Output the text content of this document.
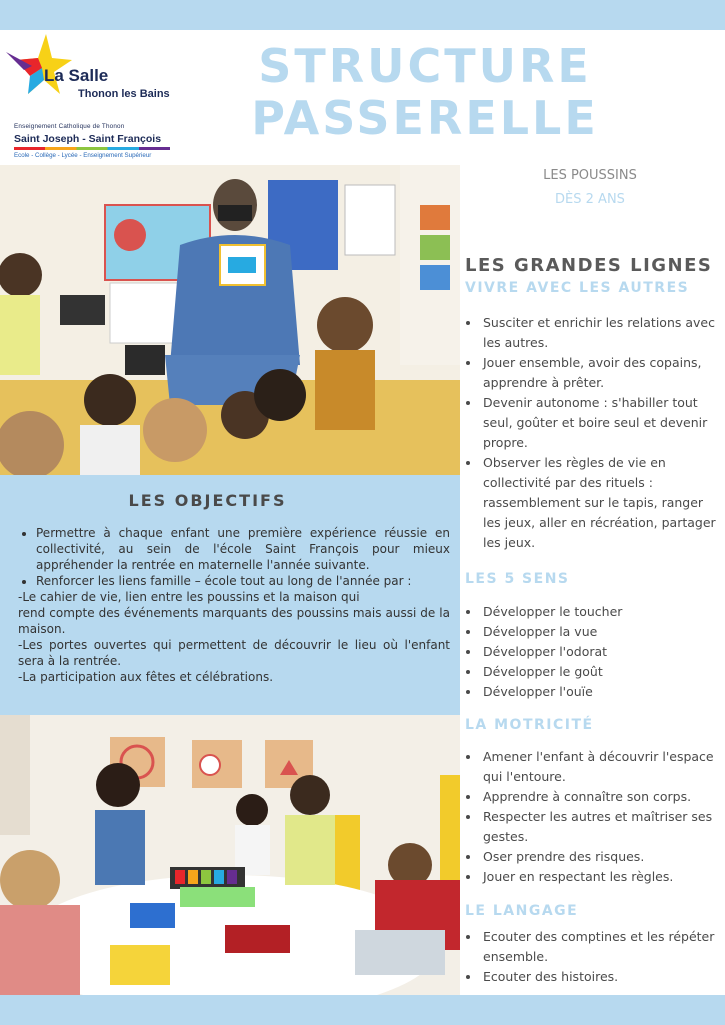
La Salle
Thonon les Bains
Enseignement Catholique de Thonon
Saint Joseph - Saint François
Ecole - Collège - Lycée - Enseignement Supérieur
STRUCTURE
PASSERELLE
LES POUSSINS
DÈS 2 ANS
LES OBJECTIFS
• Permettre à chaque enfant une première expérience réussie en collectivité, au sein de l'école Saint François pour mieux appréhender la rentrée en maternelle l'année suivante.
• Renforcer les liens famille – école tout au long de l'année par :

-Le cahier de vie, lien entre les poussins et la maison qui

rend compte des événements marquants des poussins mais aussi de la maison.

-Les portes ouvertes qui permettent de découvrir le lieu où l'enfant sera à la rentrée.

-La participation aux fêtes et célébrations.

LES GRANDES LIGNES
VIVRE AVEC LES AUTRES
• Susciter et enrichir les relations avec les autres.
• Jouer ensemble, avoir des copains, apprendre à prêter.
• Devenir autonome : s'habiller tout seul, goûter et boire seul et devenir propre.
• Observer les règles de vie en collectivité par des rituels : rassemblement sur le tapis, ranger les jeux, aller en récréation, partager les jeux.
LES 5 SENS
• Développer le toucher
• Développer la vue
• Développer l'odorat
• Développer le goût
• Développer l'ouïe
LA MOTRICITÉ
• Amener l'enfant à découvrir l'espace qui l'entoure.
• Apprendre à connaître son corps.
• Respecter les autres et maîtriser ses gestes.
• Oser prendre des risques.
• Jouer en respectant les règles.
LE LANGAGE
• Ecouter des comptines et les répéter ensemble.
• Ecouter des histoires.
